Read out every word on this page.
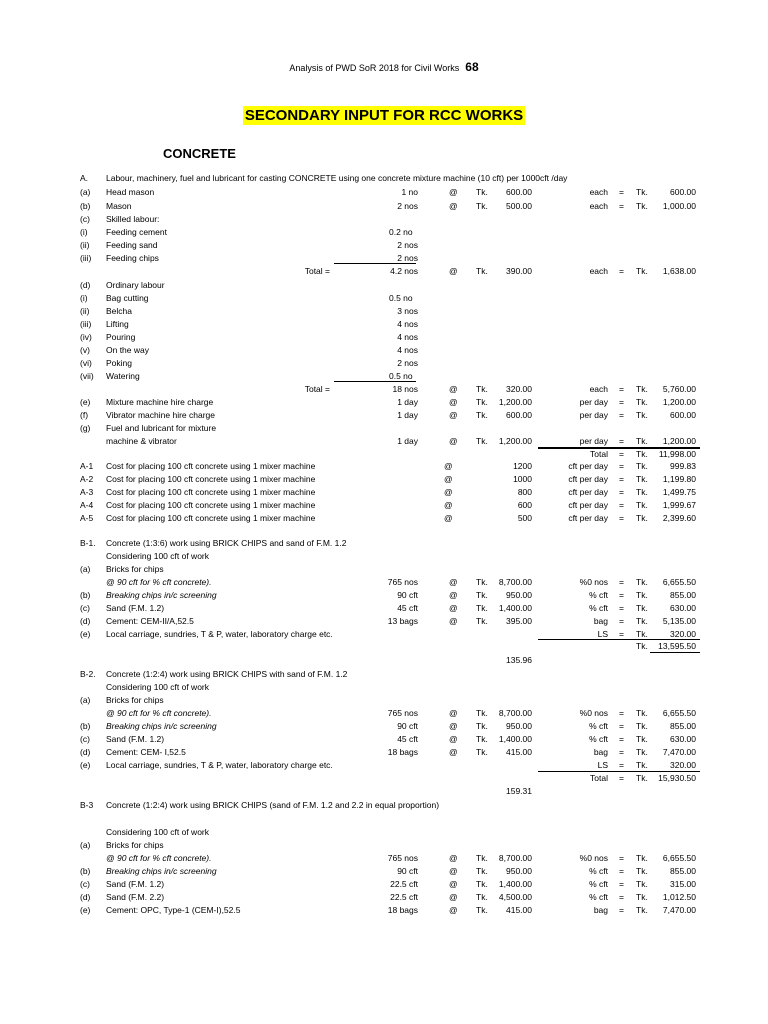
Analysis of PWD SoR 2018 for Civil Works 68
SECONDARY INPUT FOR RCC WORKS
CONCRETE
A. Labour, machinery, fuel and lubricant for casting CONCRETE using one concrete mixture machine (10 cft) per 1000cft /day
(a) Head mason	1 no	@ Tk.	600.00	each = Tk.	600.00
(b) Mason	2 nos	@ Tk.	500.00	each = Tk.	1,000.00
(c) Skilled labour:
(i) Feeding cement	0.2 no
(ii) Feeding sand	2 nos
(iii) Feeding chips	2 nos
Total =	4.2 nos	@ Tk.	390.00	each = Tk.	1,638.00
(d) Ordinary labour
(i) Bag cutting	0.5 no
(ii) Belcha	3 nos
(iii) Lifting	4 nos
(iv) Pouring	4 nos
(v) On the way	4 nos
(vi) Poking	2 nos
(vii) Watering	0.5 no
Total =	18 nos	@ Tk.	320.00	each = Tk.	5,760.00
(e) Mixture machine hire charge	1 day	@ Tk.	1,200.00	per day = Tk.	1,200.00
(f) Vibrator machine hire charge	1 day	@ Tk.	600.00	per day = Tk.	600.00
(g) Fuel and lubricant for mixture
machine & vibrator	1 day	@ Tk.	1,200.00	per day = Tk.	1,200.00
Total = Tk.	11,998.00
A-1 Cost for placing 100 cft concrete using 1 mixer machine	@	1200	cft per day = Tk.	999.83
A-2 Cost for placing 100 cft concrete using 1 mixer machine	@	1000	cft per day = Tk.	1,199.80
A-3 Cost for placing 100 cft concrete using 1 mixer machine	@	800	cft per day = Tk.	1,499.75
A-4 Cost for placing 100 cft concrete using 1 mixer machine	@	600	cft per day = Tk.	1,999.67
A-5 Cost for placing 100 cft concrete using 1 mixer machine	@	500	cft per day = Tk.	2,399.60
B-1. Concrete (1:3:6) work using BRICK CHIPS and sand of F.M. 1.2
Considering 100 cft of work
(a) Bricks for chips
@ 90 cft for % cft concrete).	765 nos	@ Tk.	8,700.00	%0 nos = Tk.	6,655.50
(b) Breaking chips in/c screening	90 cft	@ Tk.	950.00	% cft = Tk.	855.00
(c) Sand (F.M. 1.2)	45 cft	@ Tk.	1,400.00	% cft = Tk.	630.00
(d) Cement: CEM-II/A,52.5	13 bags	@ Tk.	395.00	bag = Tk.	5,135.00
(e) Local carriage, sundries, T & P, water, laboratory charge etc.	LS = Tk.	320.00
Tk.	13,595.50
135.96
B-2. Concrete (1:2:4) work using BRICK CHIPS with sand of F.M. 1.2
Considering 100 cft of work
(a) Bricks for chips
@ 90 cft for % cft concrete).	765 nos	@ Tk.	8,700.00	%0 nos = Tk.	6,655.50
(b) Breaking chips in/c screening	90 cft	@ Tk.	950.00	% cft = Tk.	855.00
(c) Sand (F.M. 1.2)	45 cft	@ Tk.	1,400.00	% cft = Tk.	630.00
(d) Cement: CEM- I,52.5	18 bags	@ Tk.	415.00	bag = Tk.	7,470.00
(e) Local carriage, sundries, T & P, water, laboratory charge etc.	LS = Tk.	320.00
Total = Tk.	15,930.50
159.31
B-3 Concrete (1:2:4) work using BRICK CHIPS (sand of F.M. 1.2 and 2.2 in equal proportion)
Considering 100 cft of work
(a) Bricks for chips
@ 90 cft for % cft concrete).	765 nos	@ Tk.	8,700.00	%0 nos = Tk.	6,655.50
(b) Breaking chips in/c screening	90 cft	@ Tk.	950.00	% cft = Tk.	855.00
(c) Sand (F.M. 1.2)	22.5 cft	@ Tk.	1,400.00	% cft = Tk.	315.00
(d) Sand (F.M. 2.2)	22.5 cft	@ Tk.	4,500.00	% cft = Tk.	1,012.50
(e) Cement: OPC, Type-1 (CEM-I),52.5	18 bags	@ Tk.	415.00	bag = Tk.	7,470.00
